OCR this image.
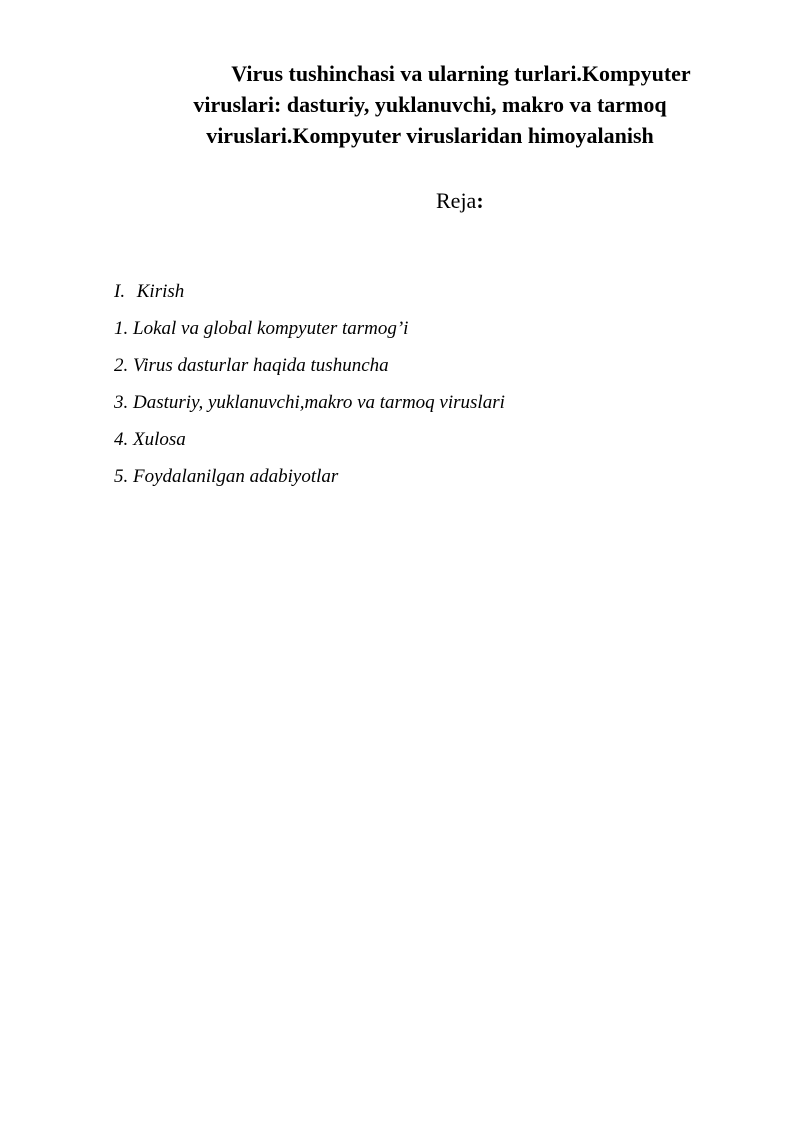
Virus tushinchasi va ularning turlari.Kompyuter
viruslari: dasturiy, yuklanuvchi, makro va tarmoq
viruslari.Kompyuter viruslaridan himoyalanish
Reja:
I. Kirish
1. Lokal va global kompyuter tarmog’i
2. Virus dasturlar haqida tushuncha
3. Dasturiy, yuklanuvchi,makro va tarmoq viruslari
4. Xulosa
5. Foydalanilgan adabiyotlar
